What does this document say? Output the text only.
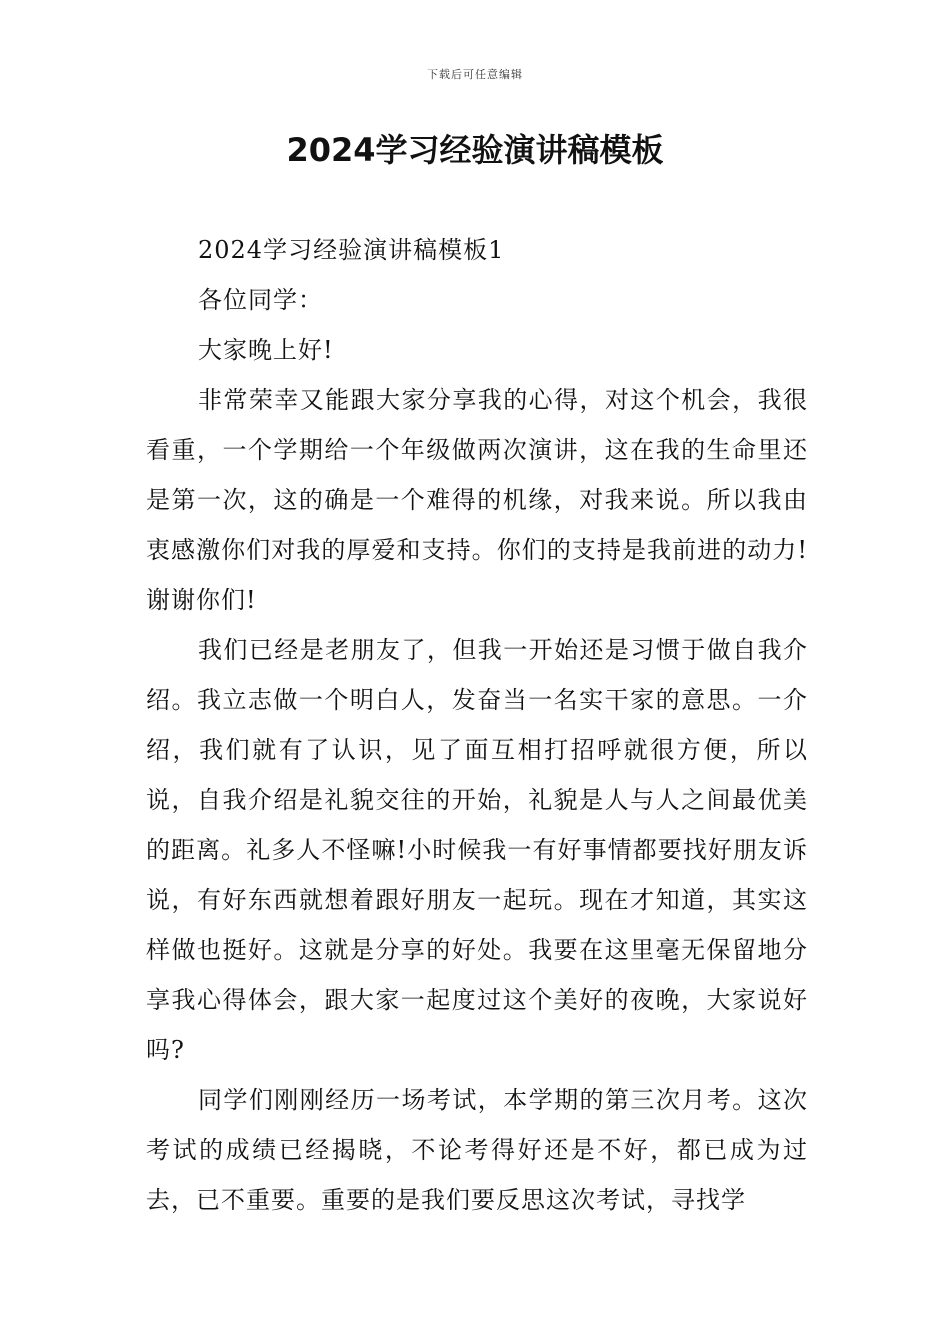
下载后可任意编辑
2024学习经验演讲稿模板

2024学习经验演讲稿模板1

各位同学：

大家晚上好!

非常荣幸又能跟大家分享我的心得，对这个机会，我很看重，一个学期给一个年级做两次演讲，这在我的生命里还是第一次，这的确是一个难得的机缘，对我来说。所以我由衷感激你们对我的厚爱和支持。你们的支持是我前进的动力!谢谢你们!

我们已经是老朋友了，但我一开始还是习惯于做自我介绍。我立志做一个明白人，发奋当一名实干家的意思。一介绍，我们就有了认识，见了面互相打招呼就很方便，所以说，自我介绍是礼貌交往的开始，礼貌是人与人之间最优美的距离。礼多人不怪嘛!小时候我一有好事情都要找好朋友诉说，有好东西就想着跟好朋友一起玩。现在才知道，其实这样做也挺好。这就是分享的好处。我要在这里毫无保留地分享我心得体会，跟大家一起度过这个美好的夜晚，大家说好吗?

同学们刚刚经历一场考试，本学期的第三次月考。这次考试的成绩已经揭晓，不论考得好还是不好，都已成为过去，已不重要。重要的是我们要反思这次考试，寻找学
